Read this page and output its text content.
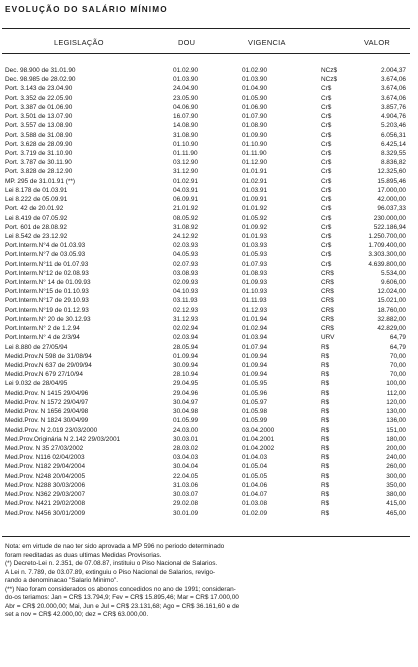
EVOLUÇÃO DO SALÁRIO MÍNIMO
LEGISLAÇÃO	DOU	VIGENCIA	VALOR
Dec. 98.900 de 31.01.90	01.02.90	01.02.90	NCz$	2.004,37
Dec. 98.985 de 28.02.90	01.03.90	01.03.90	NCz$	3.674,06
Port. 3.143 de 23.04.90	24.04.90	01.04.90	Cr$	3.674,06
Port. 3.352 de 22.05.90	23.05.90	01.05.90	Cr$	3.674,06
Port. 3.387 de 01.06.90	04.06.90	01.06.90	Cr$	3.857,76
Port. 3.501 de 13.07.90	16.07.90	01.07.90	Cr$	4.904,76
Port. 3.557 de 13.08.90	14.08.90	01.08.90	Cr$	5.203,46
Port. 3.588 de 31.08.90	31.08.90	01.09.90	Cr$	6.056,31
Port. 3.628 de 28.09.90	01.10.90	01.10.90	Cr$	6.425,14
Port. 3.719 de 31.10.90	01.11.90	01.11.90	Cr$	8.329,55
Port. 3.787 de 30.11.90	03.12.90	01.12.90	Cr$	8.836,82
Port. 3.828 de 28.12.90	31.12.90	01.01.91	Cr$	12.325,60
MP. 295 de 31.01.91 (**)	01.02.91	01.02.91	Cr$	15.895,46
Lei 8.178 de 01.03.91	04.03.91	01.03.91	Cr$	17.000,00
Lei 8.222 de 05.09.91	06.09.91	01.09.91	Cr$	42.000,00
Port. 42 de 20.01.92	21.01.92	01.01.92	Cr$	96.037,33
Lei 8.419 de 07.05.92	08.05.92	01.05.92	Cr$	230.000,00
Port. 601 de 28.08.92	31.08.92	01.09.92	Cr$	522.186,94
Lei 8.542 de 23.12.92	24.12.92	01.01.93	Cr$	1.250.700,00
Port.Interm.N°4 de 01.03.93	02.03.93	01.03.93	Cr$	1.709.400,00
Port.Interm.N°7 de 03.05.93	04.05.93	01.05.93	Cr$	3.303.300,00
Port.Interm.N°11 de 01.07.93	02.07.93	01.07.93	Cr$	4.639.800,00
Port.Interm.N°12 de 02.08.93	03.08.93	01.08.93	CR$	5.534,00
Port.Interm.N° 14 de 01.09.93	02.09.93	01.09.93	CR$	9.606,00
Port.Interm.N°15 de 01.10.93	04.10.93	01.10.93	CR$	12.024,00
Port.Interm.N°17 de 29.10.93	03.11.93	01.11.93	CR$	15.021,00
Port.Interm.N°19 de 01.12.93	02.12.93	01.12.93	CR$	18.760,00
Port.Interm.N° 20 de 30.12.93	31.12.93	01.01.94	CR$	32.882,00
Port.Interm.N° 2 de 1.2.94	02.02.94	01.02.94	CR$	42.829,00
Port.Interm.N° 4 de 2/3/94	02.03.94	01.03.94	URV	64,79
Lei 8.880 de 27/05/94	28.05.94	01.07.94	R$	64,79
Medid.Prov.N 598 de 31/08/94	01.09.94	01.09.94	R$	70,00
Medid.Prov.N 637 de 29/09/94	30.09.94	01.09.94	R$	70,00
Medid.Prov.N 679 27/10/94	28.10.94	01.09.94	R$	70,00
Lei 9.032 de 28/04/95	29.04.95	01.05.95	R$	100,00
Medid.Prov. N 1415 29/04/96	29.04.96	01.05.96	R$	112,00
Medid.Prov. N 1572 29/04/97	30.04.97	01.05.97	R$	120,00
Medid.Prov. N 1656 29/04/98	30.04.98	01.05.98	R$	130,00
Medid.Prov. N 1824 30/04/99	01.05.99	01.05.99	R$	136,00
Medid.Prov. N 2.019 23/03/2000	24.03.00	03.04.2000	R$	151,00
Med.Prov.Originária N 2.142 29/03/2001	30.03.01	01.04.2001	R$	180,00
Med.Prov. N 35 27/03/2002	28.03.02	01.04.2002	R$	200,00
Med.Prov. N116 02/04/2003	03.04.03	01.04.03	R$	240,00
Med.Prov. N182 29/04/2004	30.04.04	01.05.04	R$	260,00
Med.Prov. N248 20/04/2005	22.04.05	01.05.05	R$	300,00
Med.Prov. N288 30/03/2006	31.03.06	01.04.06	R$	350,00
Med.Prov. N362 29/03/2007	30.03.07	01.04.07	R$	380,00
Med.Prov. N421 29/02/2008	29.02.08	01.03.08	R$	415,00
Med.Prov. N456 30/01/2009	30.01.09	01.02.09	R$	465,00
Nota: em virtude de nao ter sido aprovada a MP 596 no periodo determinado
foram reeditadas as duas ultimas Medidas Provisorias.
(*) Decreto-Lei n. 2.351, de 07.08.87, instituiu o Piso Nacional de Salarios.
A Lei n. 7.789, de 03.07.89, extinguiu o Piso Nacional de Salarios, revigo-
rando a denominacao "Salario Minimo".
(**) Nao foram considerados os abonos concedidos no ano de 1991; consideran-
do-os teriamos: Jan = CR$ 13.794,9; Fev = CR$ 15.895,46; Mar = CR$ 17.000,00
Abr = CR$ 20.000,00; Mai, Jun e Jul = CR$ 23.131,68; Ago = CR$ 36.161,60 e de
set a nov = CR$ 42.000,00; dez = CR$ 63.000,00.
